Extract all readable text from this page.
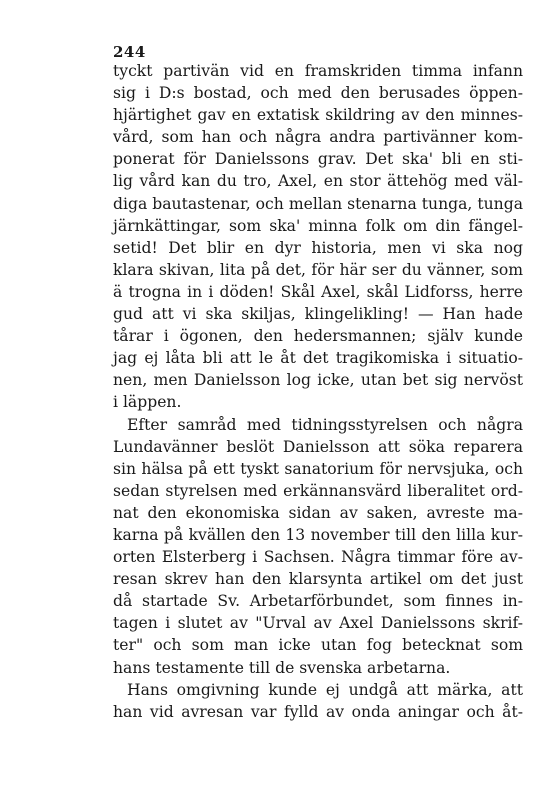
244
tyckt partivän vid en framskriden timma infann
sig i D:s bostad, och med den berusades öppen-
hjärtighet gav en extatisk skildring av den minnes-
vård, som han och några andra partivänner kom-
ponerat för Danielssons grav. Det ska' bli en sti-
lig vård kan du tro, Axel, en stor ättehög med väl-
diga bautastenar, och mellan stenarna tunga, tunga
järnkättingar, som ska' minna folk om din fängel-
setid! Det blir en dyr historia, men vi ska nog
klara skivan, lita på det, för här ser du vänner, som
ä trogna in i döden! Skål Axel, skål Lidforss, herre
gud att vi ska skiljas, klingelikling! — Han hade
tårar i ögonen, den hedersmannen; själv kunde
jag ej låta bli att le åt det tragikomiska i situatio-
nen, men Danielsson log icke, utan bet sig nervöst
i läppen.
Efter samråd med tidningsstyrelsen och några
Lundavänner beslöt Danielsson att söka reparera
sin hälsa på ett tyskt sanatorium för nervsjuka, och
sedan styrelsen med erkännansvärd liberalitet ord-
nat den ekonomiska sidan av saken, avreste ma-
karna på kvällen den 13 november till den lilla kur-
orten Elsterberg i Sachsen. Några timmar före av-
resan skrev han den klarsynta artikel om det just
då startade Sv. Arbetarförbundet, som finnes in-
tagen i slutet av "Urval av Axel Danielssons skrif-
ter" och som man icke utan fog betecknat som
hans testamente till de svenska arbetarna.
Hans omgivning kunde ej undgå att märka, att
han vid avresan var fylld av onda aningar och åt-
